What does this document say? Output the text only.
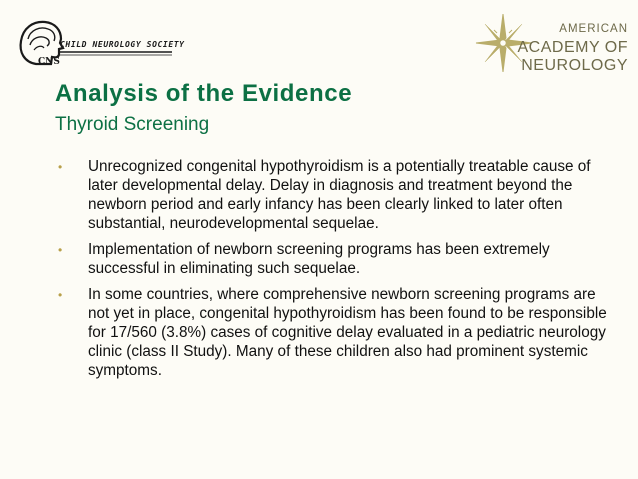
CHILD NEUROLOGY SOCIETY
CNS
AMERICAN
ACADEMY OF
NEUROLOGY
Analysis of the Evidence
Thyroid Screening
• Unrecognized congenital hypothyroidism is a potentially treatable cause of later developmental delay. Delay in diagnosis and treatment beyond the newborn period and early infancy has been clearly linked to later often substantial, neurodevelopmental sequelae.
• Implementation of newborn screening programs has been extremely successful in eliminating such sequelae.
• In some countries, where comprehensive newborn screening programs are not yet in place, congenital hypothyroidism has been found to be responsible for 17/560 (3.8%) cases of cognitive delay evaluated in a pediatric neurology clinic (class II Study). Many of these children also had prominent systemic symptoms.
